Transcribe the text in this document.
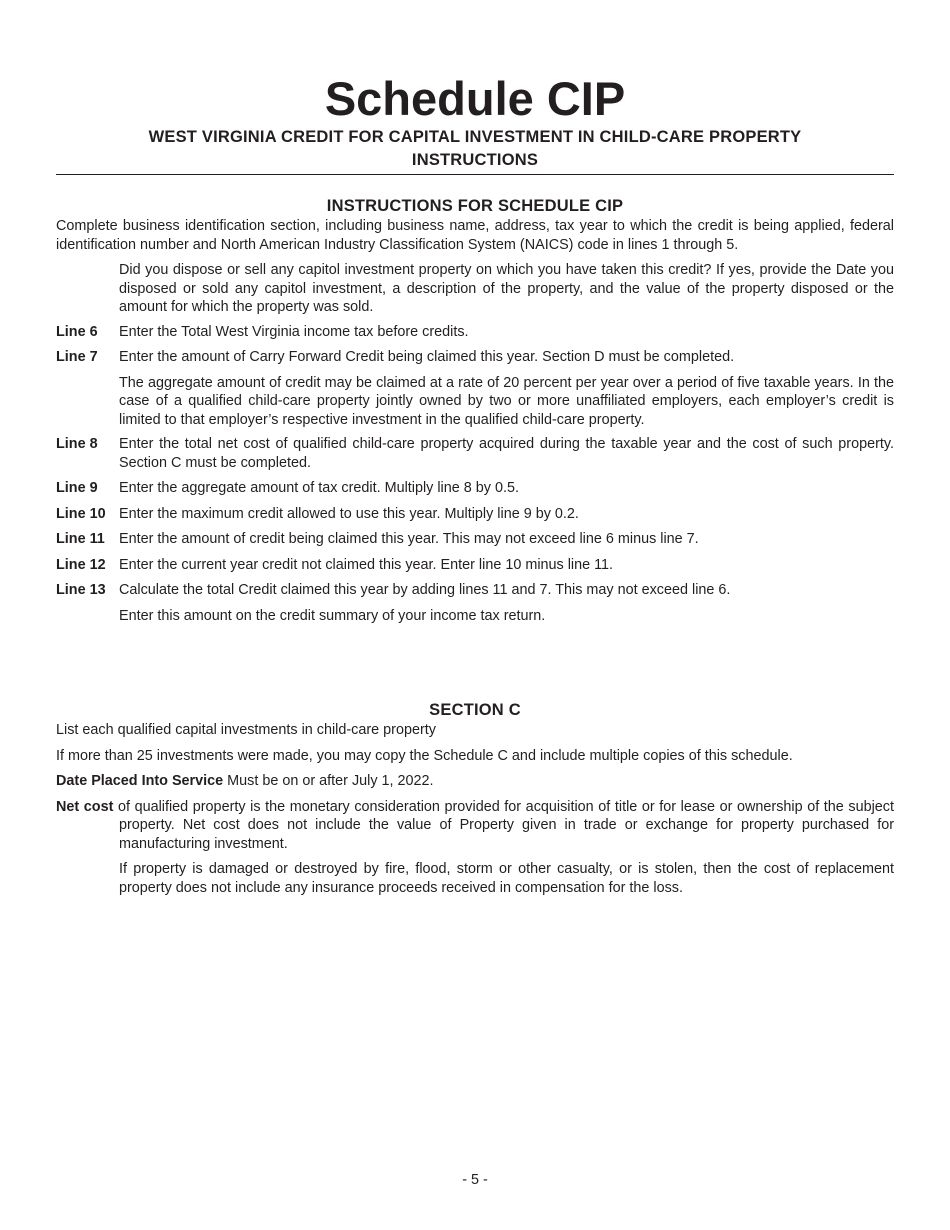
Schedule CIP
WEST VIRGINIA CREDIT FOR CAPITAL INVESTMENT IN CHILD-CARE PROPERTY
INSTRUCTIONS
INSTRUCTIONS FOR SCHEDULE CIP

Complete business identification section, including business name, address, tax year to which the credit is being applied, federal identification number and North American Industry Classification System (NAICS) code in lines 1 through 5.

Did you dispose or sell any capitol investment property on which you have taken this credit? If yes, provide the Date you disposed or sold any capitol investment, a description of the property, and the value of the property disposed or the amount for which the property was sold.

Line 6	Enter the Total West Virginia income tax before credits.
Line 7	Enter the amount of Carry Forward Credit being claimed this year. Section D must be completed.

The aggregate amount of credit may be claimed at a rate of 20 percent per year over a period of five taxable years. In the case of a qualified child-care property jointly owned by two or more unaffiliated employers, each employer’s credit is limited to that employer’s respective investment in the qualified child-care property.

Line 8	Enter the total net cost of qualified child-care property acquired during the taxable year and the cost of such property. Section C must be completed.
Line 9	Enter the aggregate amount of tax credit. Multiply line 8 by 0.5.
Line 10 Enter the maximum credit allowed to use this year. Multiply line 9 by 0.2.
Line 11 Enter the amount of credit being claimed this year. This may not exceed line 6 minus line 7.
Line 12 Enter the current year credit not claimed this year. Enter line 10 minus line 11.
Line 13 Calculate the total Credit claimed this year by adding lines 11 and 7. This may not exceed line 6.

Enter this amount on the credit summary of your income tax return.

SECTION C

List each qualified capital investments in child-care property

If more than 25 investments were made, you may copy the Schedule C and include multiple copies of this schedule.

Date Placed Into Service Must be on or after July 1, 2022.

Net cost of qualified property is the monetary consideration provided for acquisition of title or for lease or ownership of the subject property. Net cost does not include the value of Property given in trade or exchange for property purchased for manufacturing investment.

If property is damaged or destroyed by fire, flood, storm or other casualty, or is stolen, then the cost of replacement property does not include any insurance proceeds received in compensation for the loss.

- 5 -
